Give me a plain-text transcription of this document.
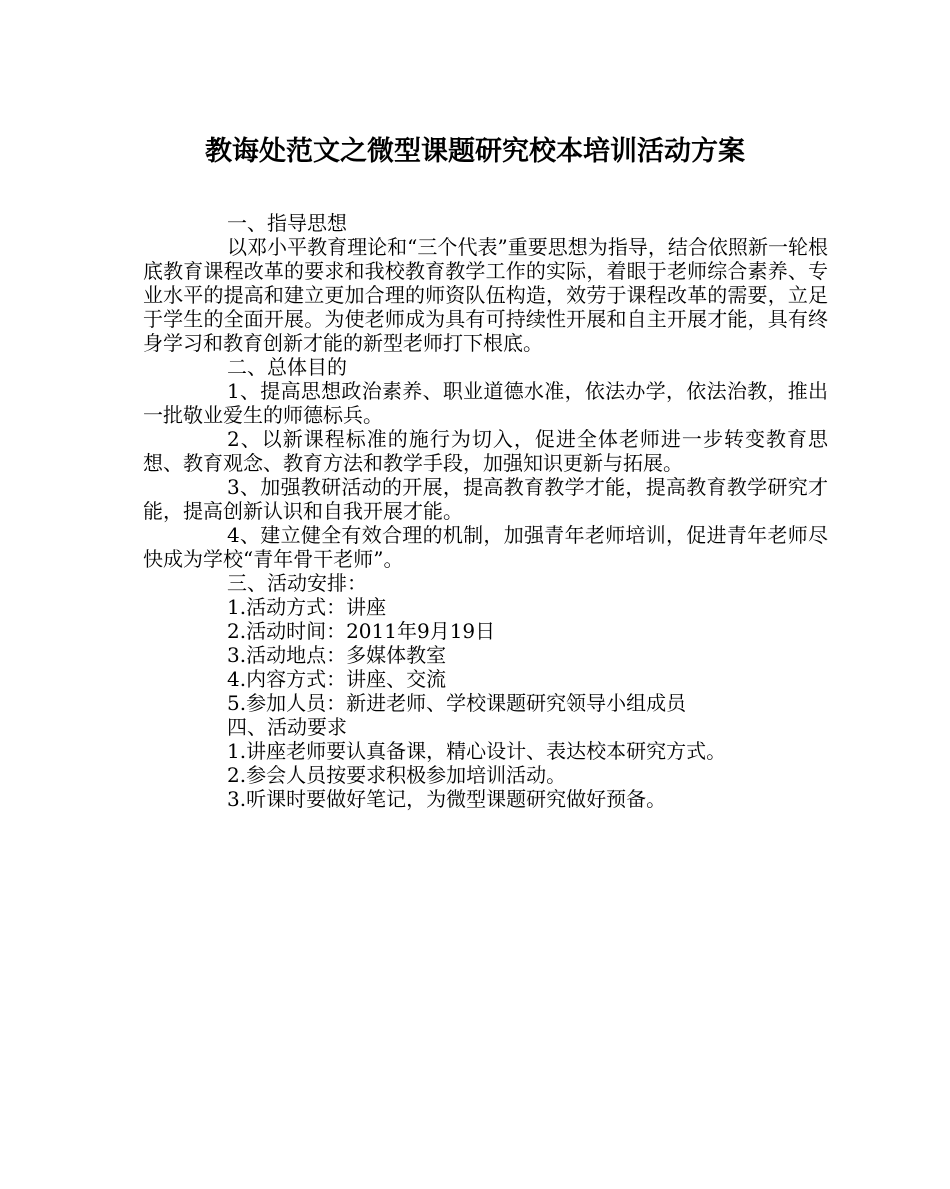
教诲处范文之微型课题研究校本培训活动方案

一、指导思想

以邓小平教育理论和“三个代表”重要思想为指导，结合依照新一轮根底教育课程改革的要求和我校教育教学工作的实际，着眼于老师综合素养、专业水平的提高和建立更加合理的师资队伍构造，效劳于课程改革的需要，立足于学生的全面开展。为使老师成为具有可持续性开展和自主开展才能，具有终身学习和教育创新才能的新型老师打下根底。

二、总体目的

1、提高思想政治素养、职业道德水准，依法办学，依法治教，推出一批敬业爱生的师德标兵。

2、以新课程标准的施行为切入，促进全体老师进一步转变教育思想、教育观念、教育方法和教学手段，加强知识更新与拓展。

3、加强教研活动的开展，提高教育教学才能，提高教育教学研究才能，提高创新认识和自我开展才能。

4、建立健全有效合理的机制，加强青年老师培训，促进青年老师尽快成为学校“青年骨干老师”。

三、活动安排：

1.活动方式：讲座

2.活动时间：2011年9月19日

3.活动地点：多媒体教室

4.内容方式：讲座、交流

5.参加人员：新进老师、学校课题研究领导小组成员

四、活动要求

1.讲座老师要认真备课，精心设计、表达校本研究方式。

2.参会人员按要求积极参加培训活动。

3.听课时要做好笔记，为微型课题研究做好预备。
